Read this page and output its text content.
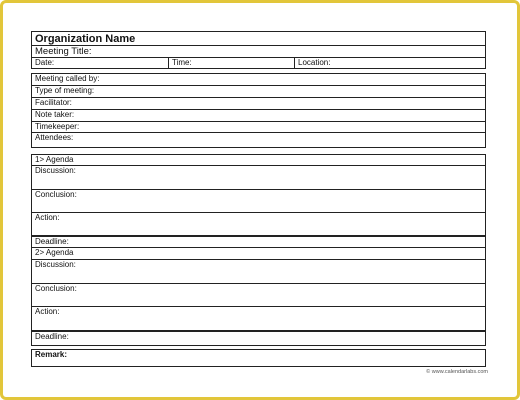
Organization Name
Meeting Title:
Date:	Time:	Location:
Meeting called by:
Type of meeting:
Facilitator:
Note taker:
Timekeeper:
Attendees:
1> Agenda
Discussion:
Conclusion:
Action:
Deadline:
2> Agenda
Discussion:
Conclusion:
Action:
Deadline:
Remark:
© www.calendarlabs.com
